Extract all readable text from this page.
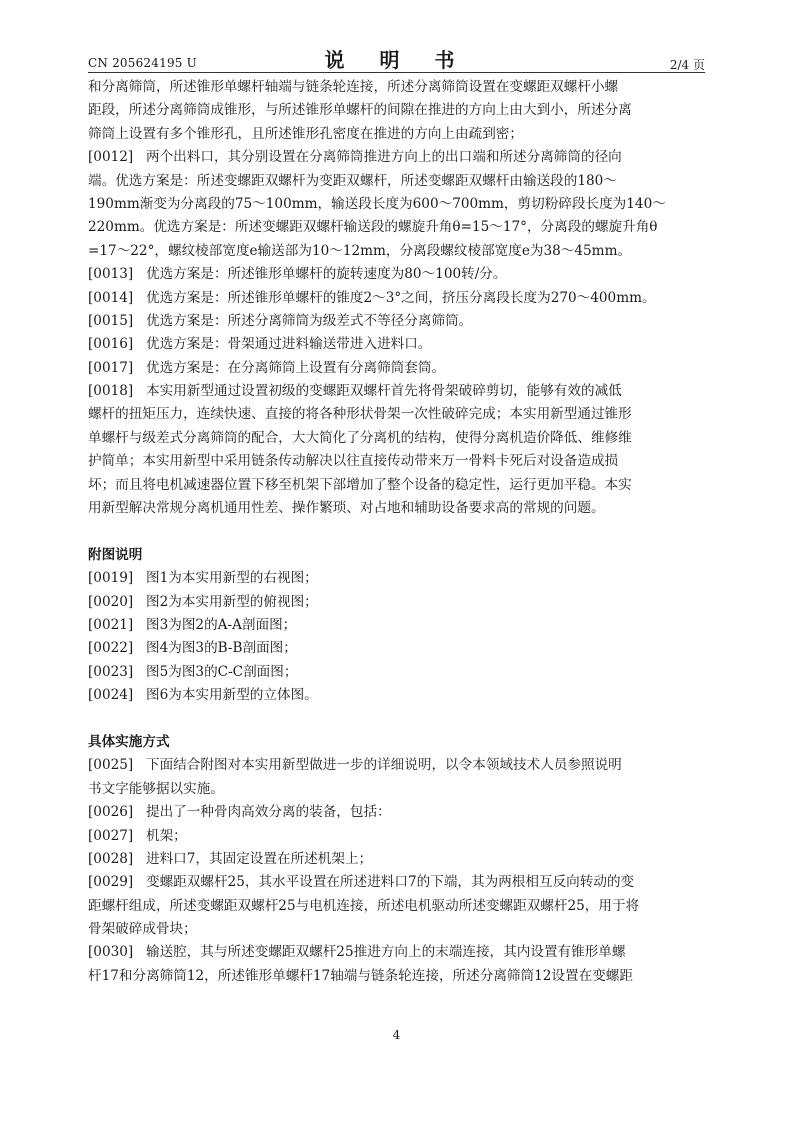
CN 205624195 U	说 明 书	2/4 页
和分离筛筒，所述锥形单螺杆轴端与链条轮连接，所述分离筛筒设置在变螺距双螺杆小螺
距段，所述分离筛筒成锥形，与所述锥形单螺杆的间隙在推进的方向上由大到小，所述分离
筛筒上设置有多个锥形孔，且所述锥形孔密度在推进的方向上由疏到密；
[0012] 两个出料口，其分别设置在分离筛筒推进方向上的出口端和所述分离筛筒的径向
端。优选方案是：所述变螺距双螺杆为变距双螺杆，所述变螺距双螺杆由输送段的180～
190mm渐变为分离段的75～100mm，输送段长度为600～700mm，剪切粉碎段长度为140～
220mm。优选方案是：所述变螺距双螺杆输送段的螺旋升角θ=15～17°，分离段的螺旋升角θ
=17～22°，螺纹棱部宽度e输送部为10～12mm，分离段螺纹棱部宽度e为38～45mm。
[0013] 优选方案是：所述锥形单螺杆的旋转速度为80～100转/分。
[0014] 优选方案是：所述锥形单螺杆的锥度2～3°之间，挤压分离段长度为270～400mm。
[0015] 优选方案是：所述分离筛筒为级差式不等径分离筛筒。
[0016] 优选方案是：骨架通过进料输送带进入进料口。
[0017] 优选方案是：在分离筛筒上设置有分离筛筒套筒。
[0018] 本实用新型通过设置初级的变螺距双螺杆首先将骨架破碎剪切，能够有效的减低
螺杆的扭矩压力，连续快速、直接的将各种形状骨架一次性破碎完成；本实用新型通过锥形
单螺杆与级差式分离筛筒的配合，大大简化了分离机的结构，使得分离机造价降低、维修维
护简单；本实用新型中采用链条传动解决以往直接传动带来万一骨料卡死后对设备造成损
坏；而且将电机减速器位置下移至机架下部增加了整个设备的稳定性，运行更加平稳。本实
用新型解决常规分离机通用性差、操作繁琐、对占地和辅助设备要求高的常规的问题。
附图说明
[0019] 图1为本实用新型的右视图；
[0020] 图2为本实用新型的俯视图；
[0021] 图3为图2的A-A剖面图；
[0022] 图4为图3的B-B剖面图；
[0023] 图5为图3的C-C剖面图；
[0024] 图6为本实用新型的立体图。
具体实施方式
[0025] 下面结合附图对本实用新型做进一步的详细说明，以令本领域技术人员参照说明
书文字能够据以实施。
[0026] 提出了一种骨肉高效分离的装备，包括：
[0027] 机架；
[0028] 进料口7，其固定设置在所述机架上；
[0029] 变螺距双螺杆25，其水平设置在所述进料口7的下端，其为两根相互反向转动的变
距螺杆组成，所述变螺距双螺杆25与电机连接，所述电机驱动所述变螺距双螺杆25，用于将
骨架破碎成骨块；
[0030] 输送腔，其与所述变螺距双螺杆25推进方向上的末端连接，其内设置有锥形单螺
杆17和分离筛筒12，所述锥形单螺杆17轴端与链条轮连接，所述分离筛筒12设置在变螺距
4
